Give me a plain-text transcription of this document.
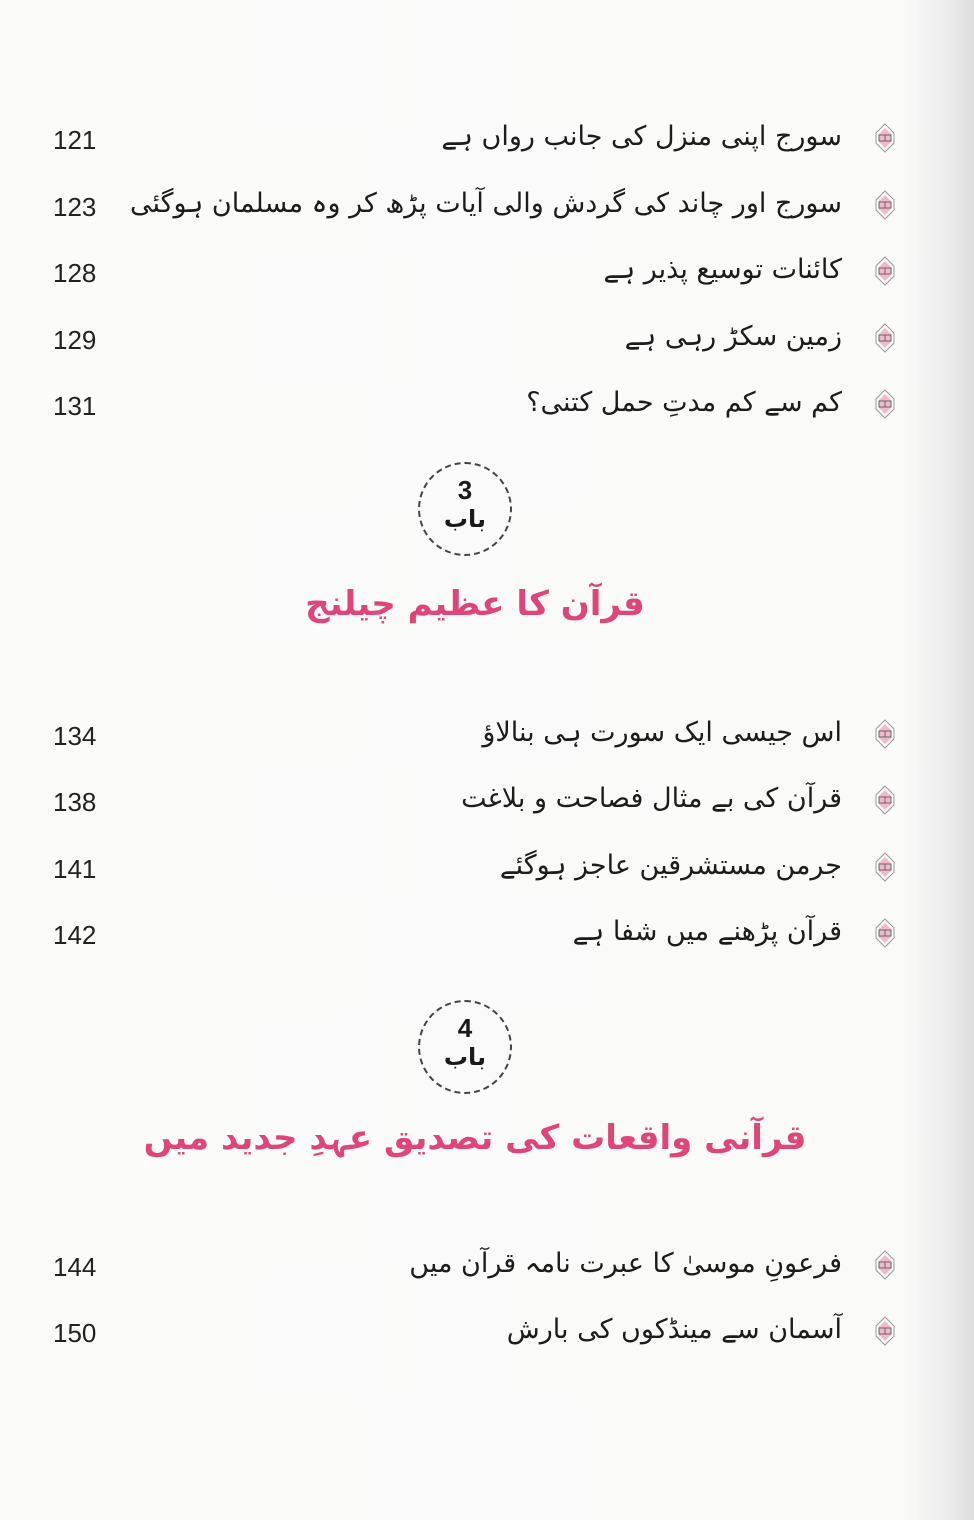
3
باب
قرآن کا عظیم چیلنج
4
باب
قرآنی واقعات کی تصدیق عہدِ جدید میں
121	سورج اپنی منزل کی جانب رواں ہے
123	سورج اور چاند کی گردش والی آیات پڑھ کر وہ مسلمان ہوگئی
128	کائنات توسیع پذیر ہے
129	زمین سکڑ رہی ہے
131	کم سے کم مدتِ حمل کتنی؟
134	اس جیسی ایک سورت ہی بنالاؤ
138	قرآن کی بے مثال فصاحت و بلاغت
141	جرمن مستشرقین عاجز ہوگئے
142	قرآن پڑھنے میں شفا ہے
144	فرعونِ موسیٰ کا عبرت نامہ قرآن میں
150	آسمان سے مینڈکوں کی بارش
